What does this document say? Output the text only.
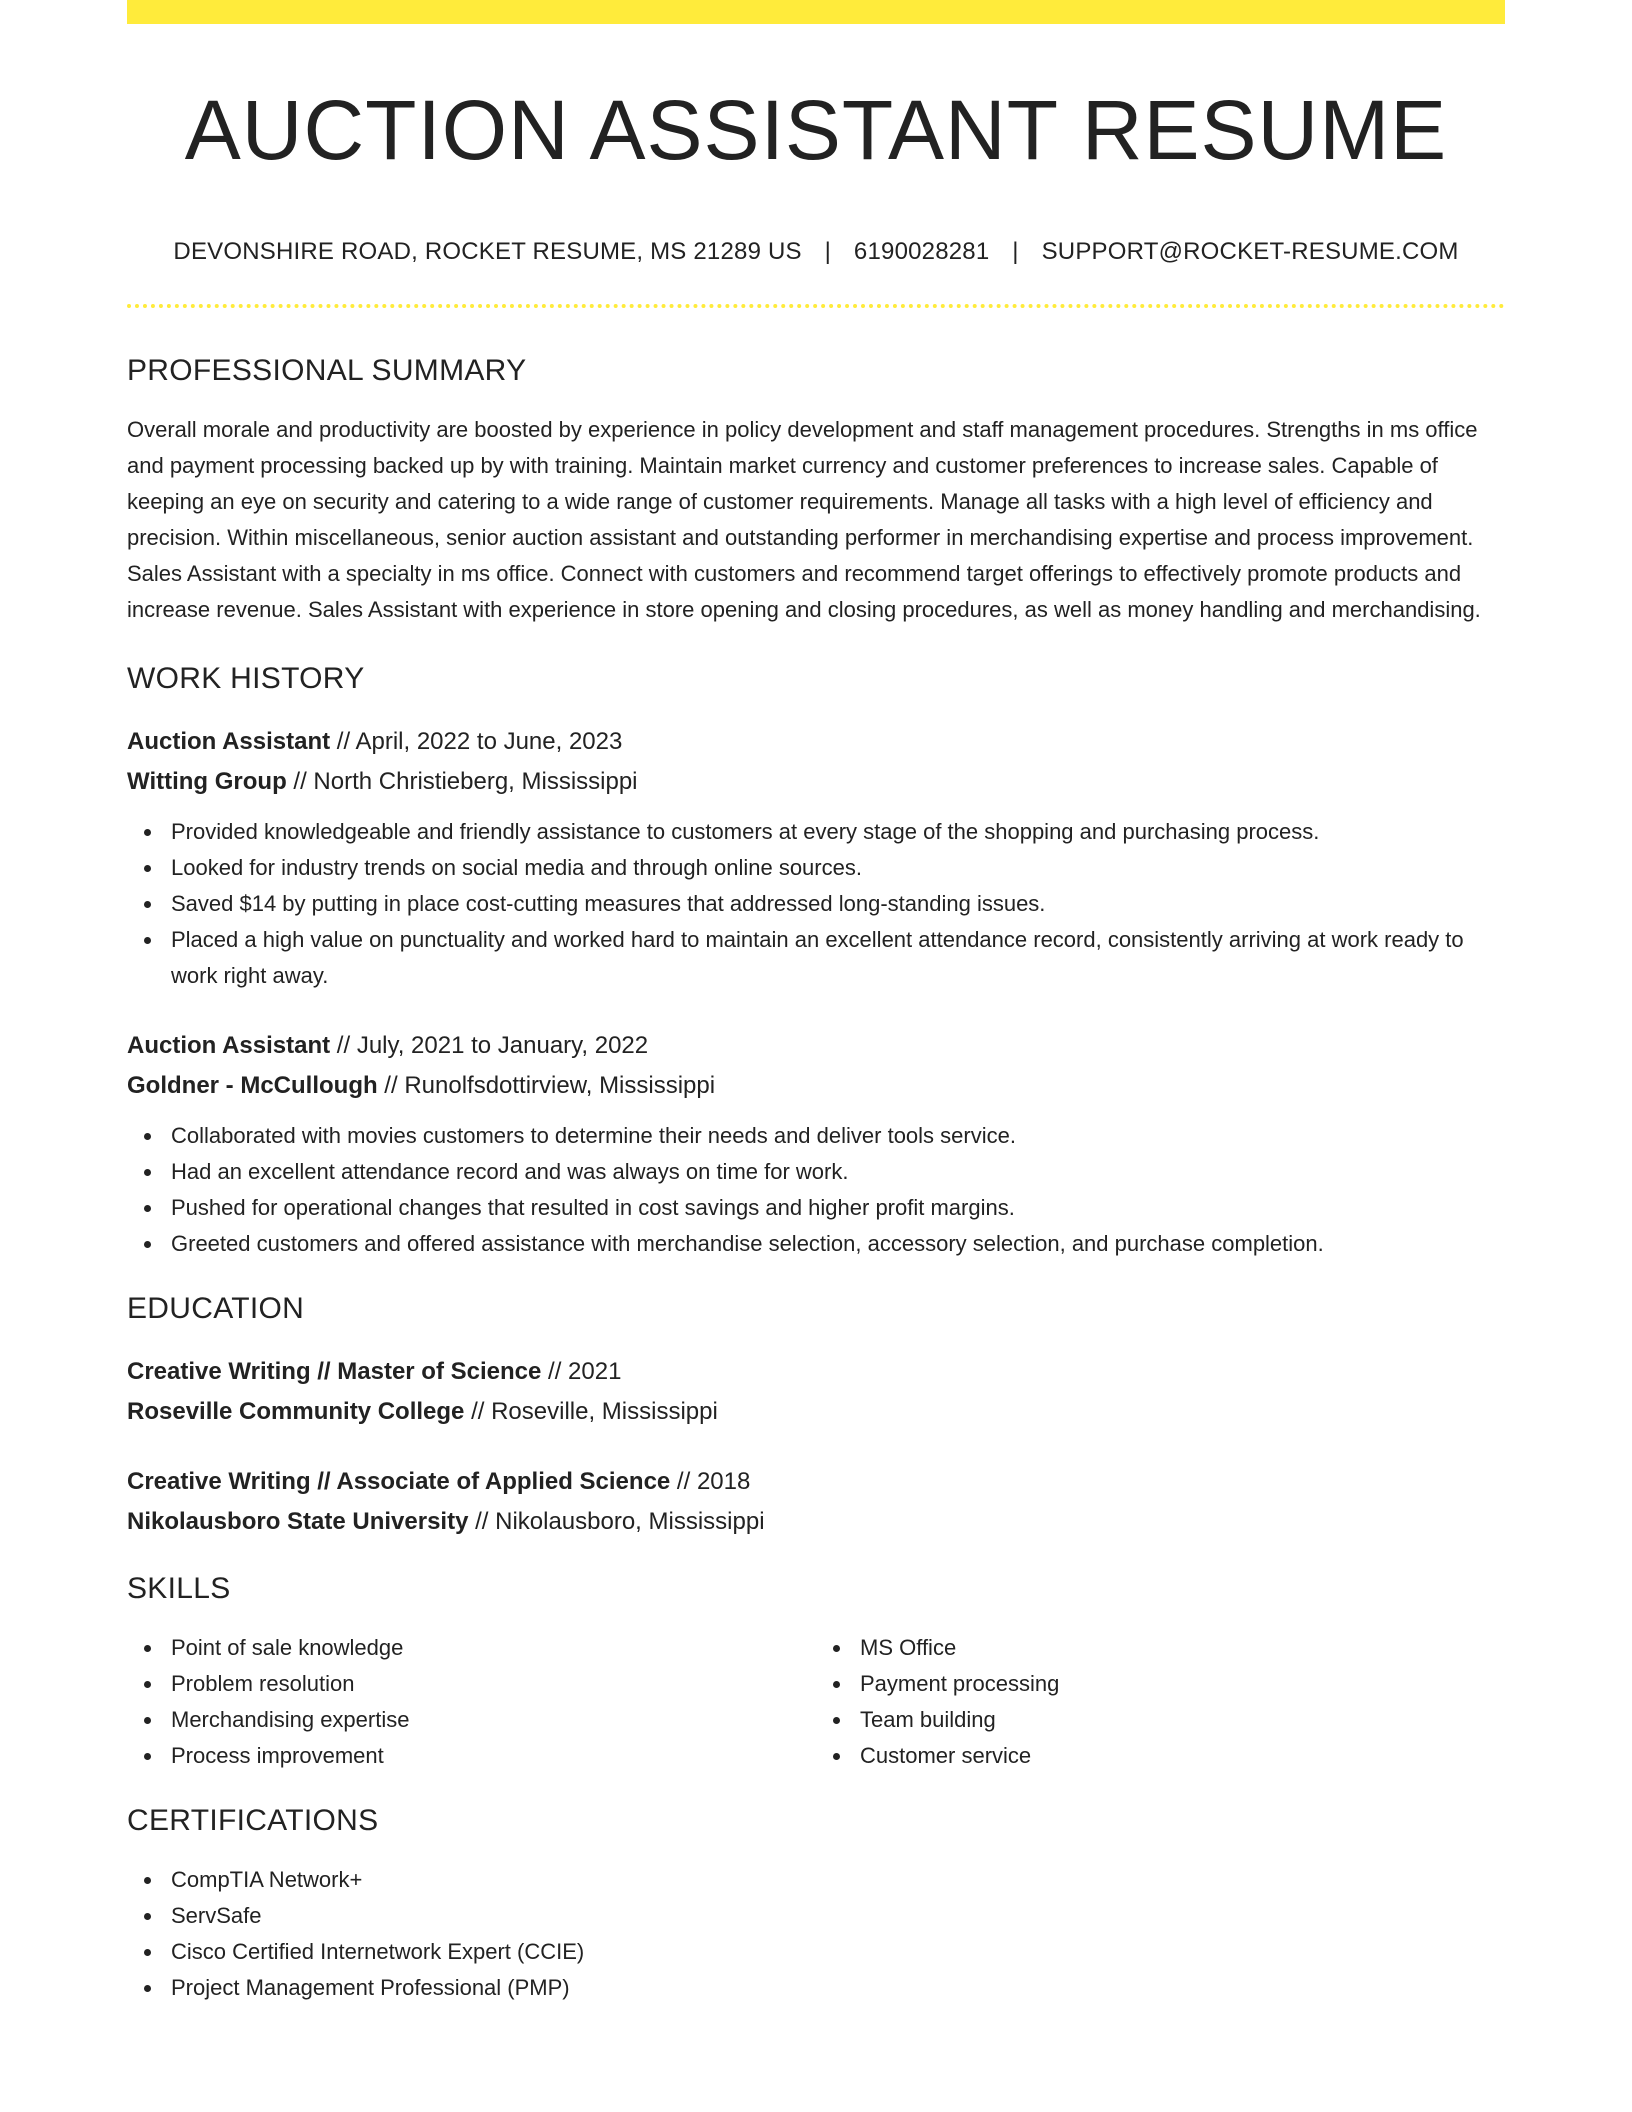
AUCTION ASSISTANT RESUME
DEVONSHIRE ROAD, ROCKET RESUME, MS 21289 US | 6190028281 | SUPPORT@ROCKET-RESUME.COM
PROFESSIONAL SUMMARY

Overall morale and productivity are boosted by experience in policy development and staff management procedures. Strengths in ms office and payment processing backed up by with training. Maintain market currency and customer preferences to increase sales. Capable of keeping an eye on security and catering to a wide range of customer requirements. Manage all tasks with a high level of efficiency and precision. Within miscellaneous, senior auction assistant and outstanding performer in merchandising expertise and process improvement. Sales Assistant with a specialty in ms office. Connect with customers and recommend target offerings to effectively promote products and increase revenue. Sales Assistant with experience in store opening and closing procedures, as well as money handling and merchandising.

WORK HISTORY
Auction Assistant // April, 2022 to June, 2023
Witting Group // North Christieberg, Mississippi
Provided knowledgeable and friendly assistance to customers at every stage of the shopping and purchasing process.
Looked for industry trends on social media and through online sources.
Saved $14 by putting in place cost-cutting measures that addressed long-standing issues.
Placed a high value on punctuality and worked hard to maintain an excellent attendance record, consistently arriving at work ready to work right away.
Auction Assistant // July, 2021 to January, 2022
Goldner - McCullough // Runolfsdottirview, Mississippi
Collaborated with movies customers to determine their needs and deliver tools service.
Had an excellent attendance record and was always on time for work.
Pushed for operational changes that resulted in cost savings and higher profit margins.
Greeted customers and offered assistance with merchandise selection, accessory selection, and purchase completion.
EDUCATION
Creative Writing // Master of Science // 2021
Roseville Community College // Roseville, Mississippi
Creative Writing // Associate of Applied Science // 2018
Nikolausboro State University // Nikolausboro, Mississippi
SKILLS
Point of sale knowledge
Problem resolution
Merchandising expertise
Process improvement
MS Office
Payment processing
Team building
Customer service
CERTIFICATIONS
CompTIA Network+
ServSafe
Cisco Certified Internetwork Expert (CCIE)
Project Management Professional (PMP)
